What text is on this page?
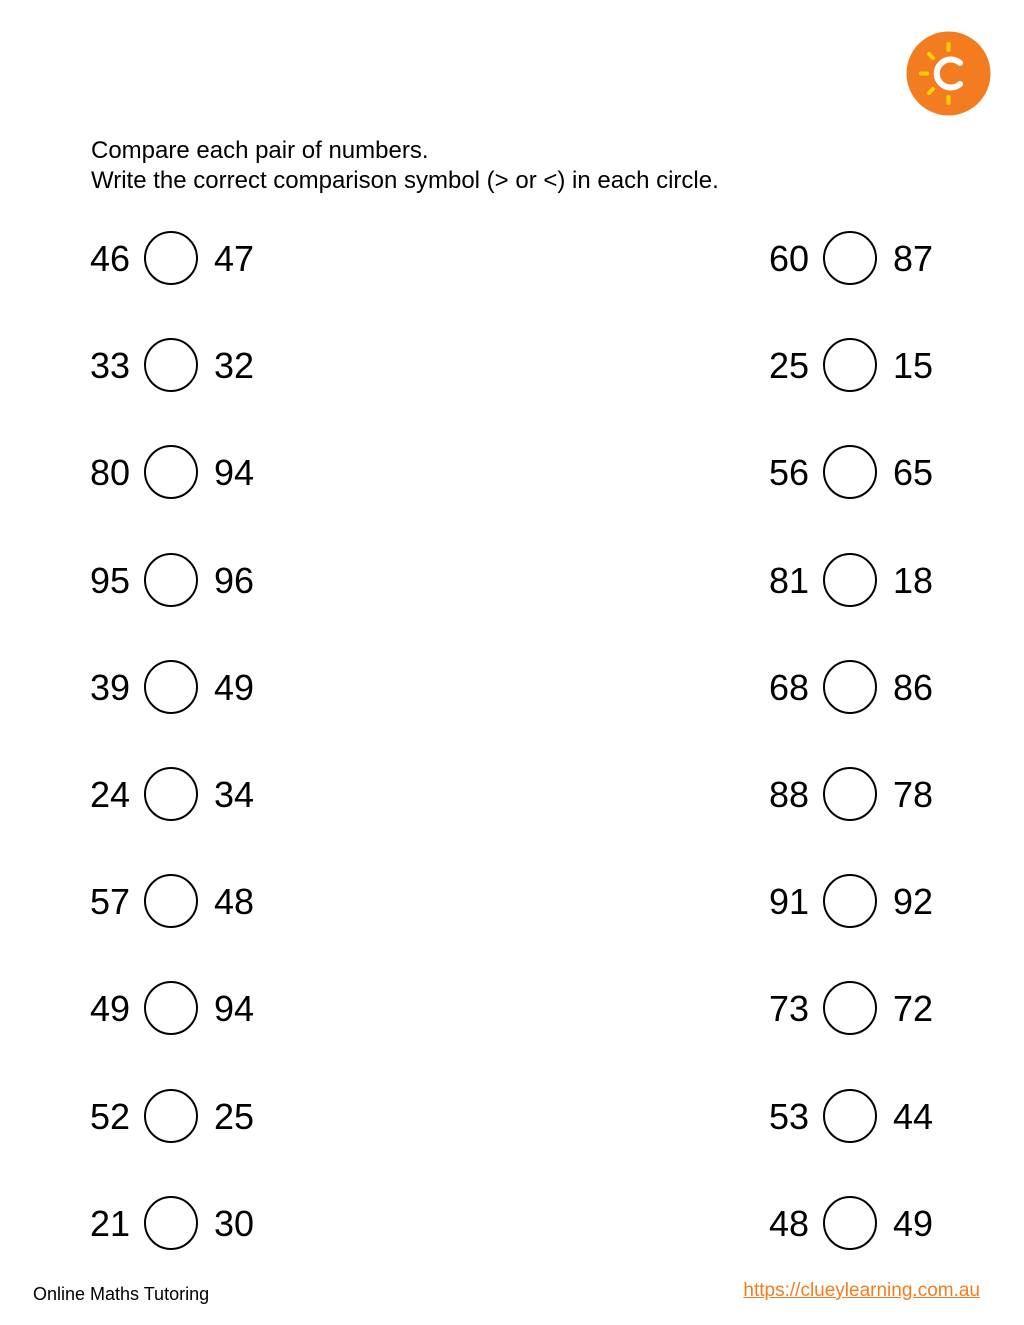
Compare each pair of numbers.
Write the correct comparison symbol (> or <) in each circle.
46 47
33 32
80 94
95 96
39 49
24 34
57 48
49 94
52 25
21 30
60 87
25 15
56 65
81 18
68 86
88 78
91 92
73 72
53 44
48 49
Online Maths Tutoring	https://clueylearning.com.au
